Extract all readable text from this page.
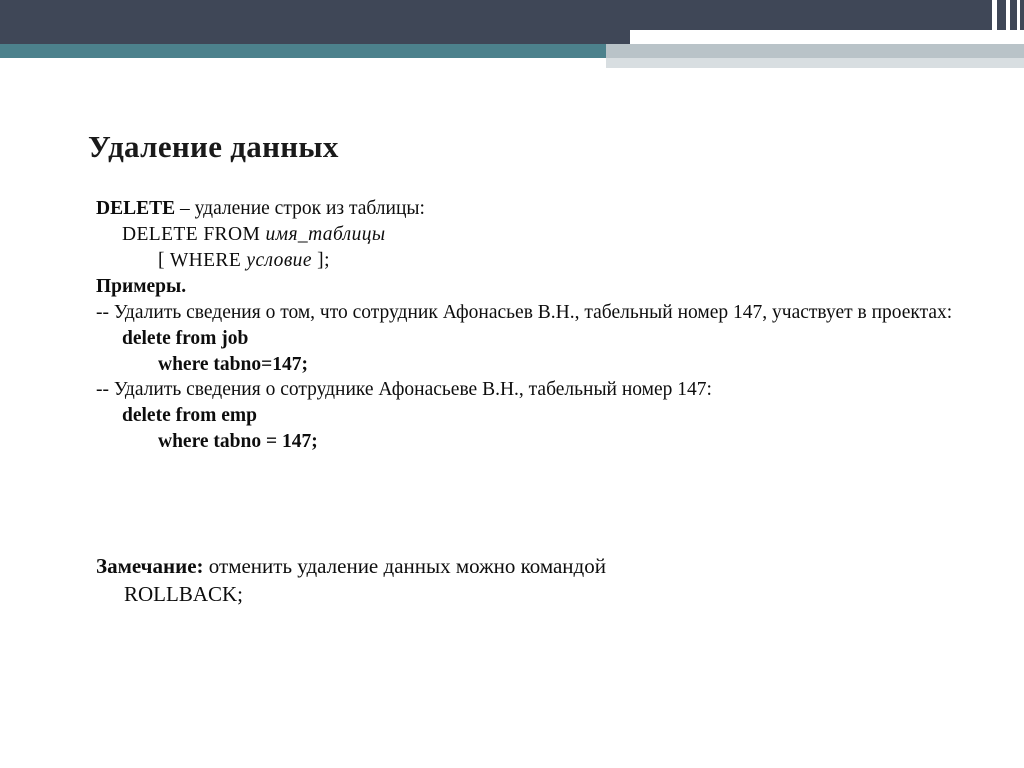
Удаление данных
DELETE – удаление строк из таблицы:
DELETE FROM имя_таблицы
[ WHERE условие ];
Примеры.
-- Удалить сведения о том, что сотрудник Афонасьев В.Н., табельный номер 147, участвует в проектах:
delete from job
where tabno=147;
-- Удалить сведения о сотруднике Афонасьеве В.Н., табельный номер 147:
delete from emp
where tabno = 147;
Замечание: отменить удаление данных можно командой
ROLLBACK;
